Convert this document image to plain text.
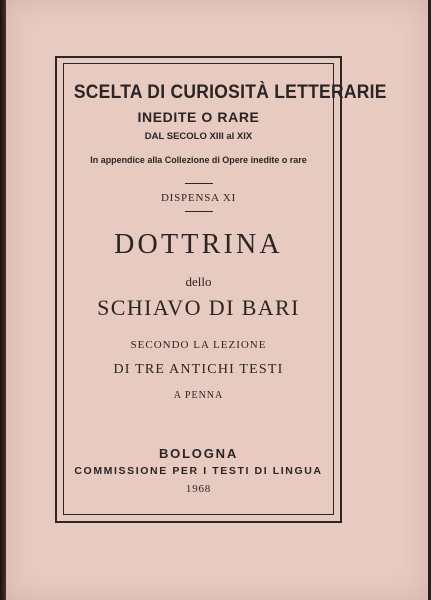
SCELTA DI CURIOSITÀ LETTERARIE
INEDITE O RARE
DAL SECOLO XIII al XIX
In appendice alla Collezione di Opere inedite o rare
DISPENSA XI
DOTTRINA
dello
SCHIAVO DI BARI
SECONDO LA LEZIONE
DI TRE ANTICHI TESTI
A PENNA
BOLOGNA
COMMISSIONE PER I TESTI DI LINGUA
1968
